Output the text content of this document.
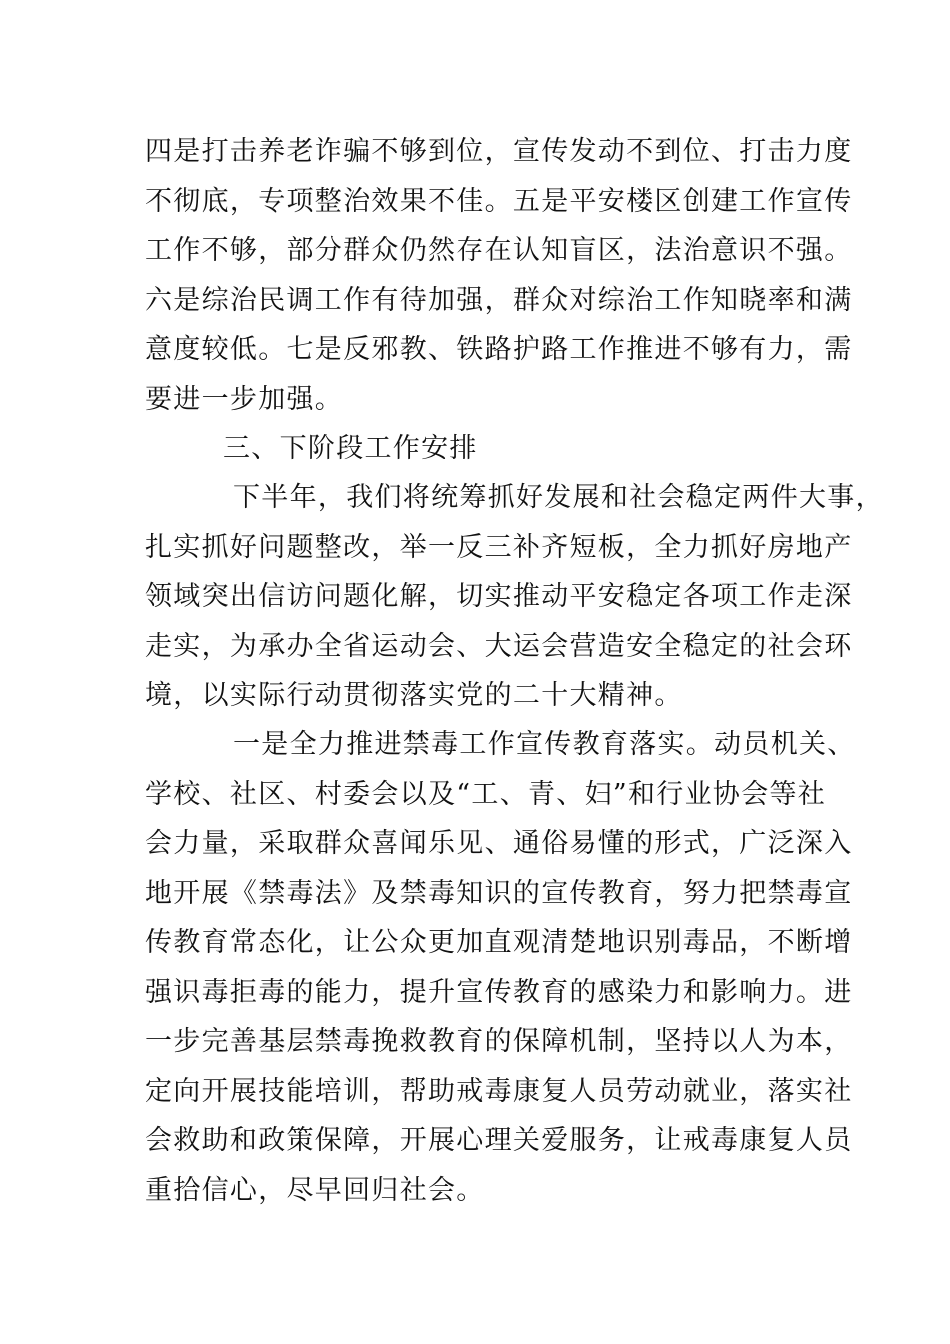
四是打击养老诈骗不够到位，宣传发动不到位、打击力度
不彻底，专项整治效果不佳。五是平安楼区创建工作宣传
工作不够，部分群众仍然存在认知盲区，法治意识不强。
六是综治民调工作有待加强，群众对综治工作知晓率和满
意度较低。七是反邪教、铁路护路工作推进不够有力，需
要进一步加强。
三、下阶段工作安排
下半年，我们将统筹抓好发展和社会稳定两件大事，
扎实抓好问题整改，举一反三补齐短板，全力抓好房地产
领域突出信访问题化解，切实推动平安稳定各项工作走深
走实，为承办全省运动会、大运会营造安全稳定的社会环
境，以实际行动贯彻落实党的二十大精神。
一是全力推进禁毒工作宣传教育落实。动员机关、
学校、社区、村委会以及“工、青、妇”和行业协会等社
会力量，采取群众喜闻乐见、通俗易懂的形式，广泛深入
地开展《禁毒法》及禁毒知识的宣传教育，努力把禁毒宣
传教育常态化，让公众更加直观清楚地识别毒品，不断增
强识毒拒毒的能力，提升宣传教育的感染力和影响力。进
一步完善基层禁毒挽救教育的保障机制，坚持以人为本，
定向开展技能培训，帮助戒毒康复人员劳动就业，落实社
会救助和政策保障，开展心理关爱服务，让戒毒康复人员
重拾信心，尽早回归社会。
